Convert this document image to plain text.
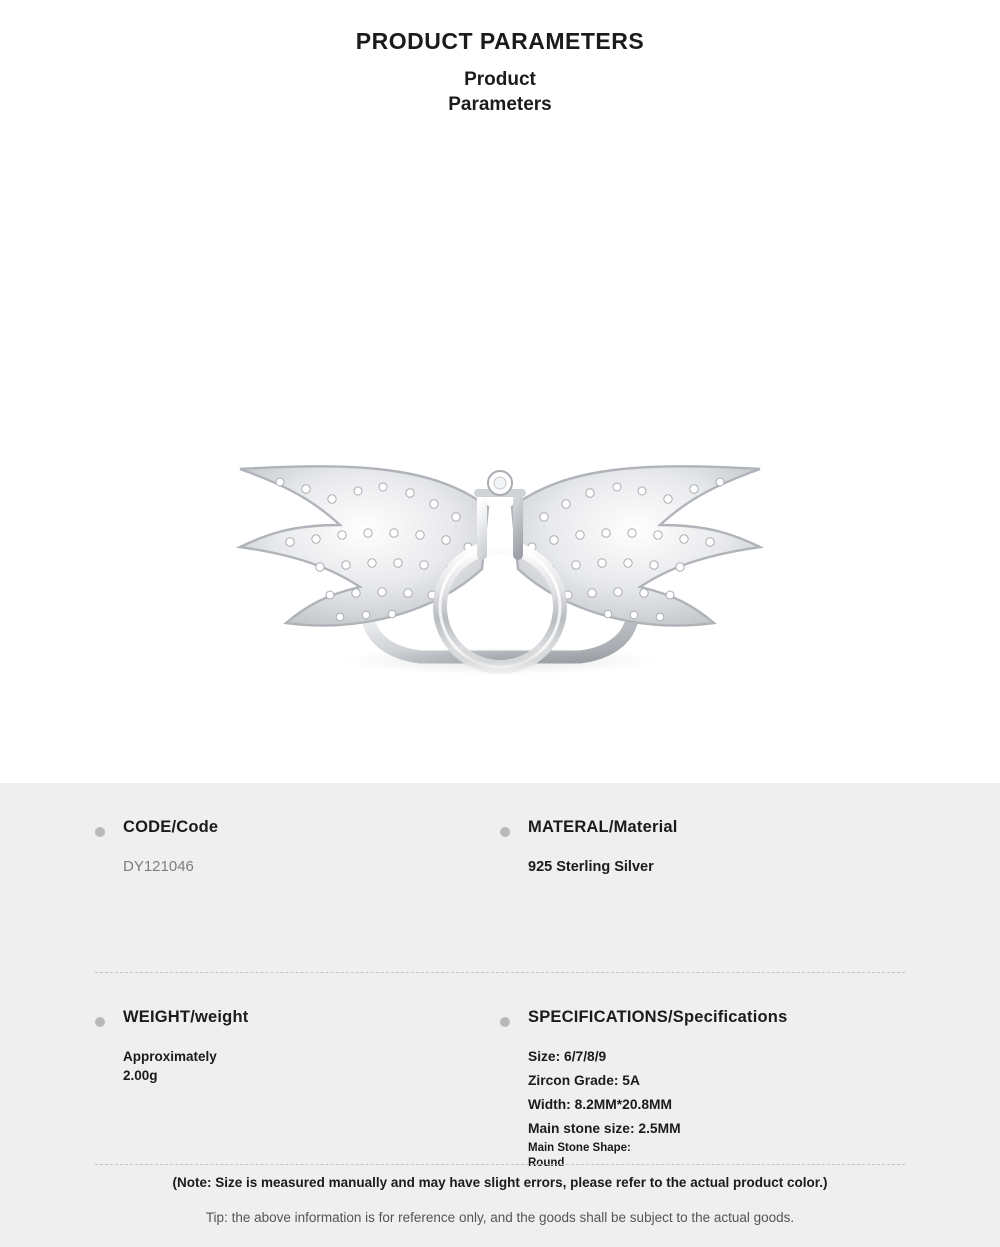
PRODUCT PARAMETERS
Product
Parameters
CODE/Code
DY121046
MATERAL/Material
925 Sterling Silver
WEIGHT/weight
Approximately
2.00g
SPECIFICATIONS/Specifications
Size: 6/7/8/9
Zircon Grade: 5A
Width: 8.2MM*20.8MM
Main stone size: 2.5MM
Main Stone Shape:
Round
(Note: Size is measured manually and may have slight errors, please refer to the actual product color.)
Tip: the above information is for reference only, and the goods shall be subject to the actual goods.
